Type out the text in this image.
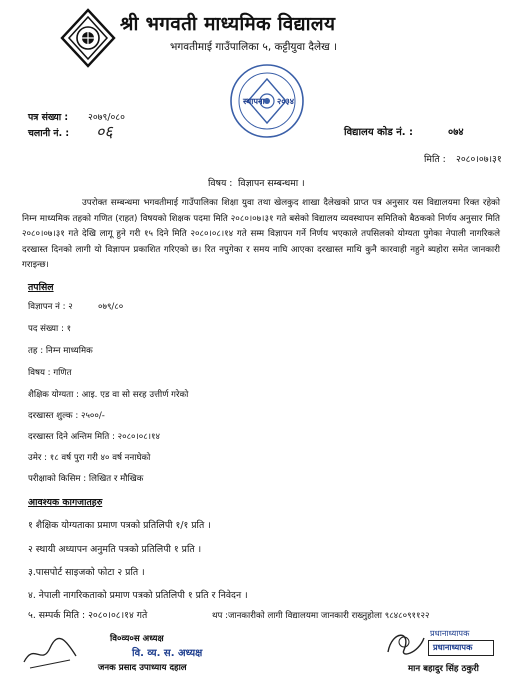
श्री भगवती माध्यमिक विद्यालय
भगवतीमाई गाउँपालिका ५, कट्टीयुवा दैलेख ।
स्थापना २०३४
पत्र संख्या : २०७९/०८०
चलानी नं. : ०६	विद्यालय कोड नं. :	०७४
मिति : २०८०।०७।३१
विषय : विज्ञापन सम्बन्धमा ।
उपरोक्त सम्बन्धमा भगवतीमाई गाउँपालिका शिक्षा युवा तथा खेलकुद शाखा दैलेखको प्राप्त पत्र अनुसार यस विद्यालयमा रिक्त रहेको निम्न माध्यमिक तहको गणित (राहत) विषयको शिक्षक पदमा मिति २०८०।०७।३१ गते बसेको विद्यालय व्यवस्थापन समितिको बैठकको निर्णय अनुसार मिति २०८०।०७।३१ गते देखि लागू हुने गरी १५ दिने मिति २०८०।०८।१४ गते सम्म विज्ञापन गर्ने निर्णय भएकाले तपसिलको योग्यता पुगेका नेपाली नागरिकले दरखास्त दिनको लागी यो विज्ञापन प्रकाशित गरिएको छ। रित नपुगेका र समय नाघि आएका दरखास्त माथि कुनै कारवाही नहुने ब्यहोरा समेत जानकारी गराइन्छ।
तपसिल
विज्ञापन नं : २	०७९/८०
पद संख्या : १
तह : निम्न माध्यमिक
विषय : गणित
शैक्षिक योग्यता : आइ. एड वा सो सरह उत्तीर्ण गरेको
दरखास्त शुल्क : २५००/-
दरखास्त दिने अन्तिम मिति : २०८०।०८।१४
उमेर : १८ वर्ष पुरा गरी ४० वर्ष ननाघेको
परीक्षाको किसिम : लिखित र मौखिक
आवश्यक कागजातहरु
१ शैक्षिक योग्यताका प्रमाण पत्रको प्रतिलिपी १/१ प्रति ।
२ स्थायी अध्यापन अनुमति पत्रको प्रतिलिपी १ प्रति ।
३.पासपोर्ट साइजको फोटा २ प्रति ।
४. नेपाली नागरिकताको प्रमाण पत्रको प्रतिलिपी १ प्रति र निवेदन ।
५. सम्पर्क मिति : २०८०।०८।१४ गते	थप :जानकारीको लागी विद्यालयमा जानकारी राख्नुहोला ९८४८०९११२२
वि०व्य०स अध्यक्ष
वि. व्य. स. अध्यक्ष
जनक प्रसाद उपाध्याय दहाल
प्रधानाध्यापक
प्रधानाध्यापक
मान बहादुर सिंह ठकुरी
